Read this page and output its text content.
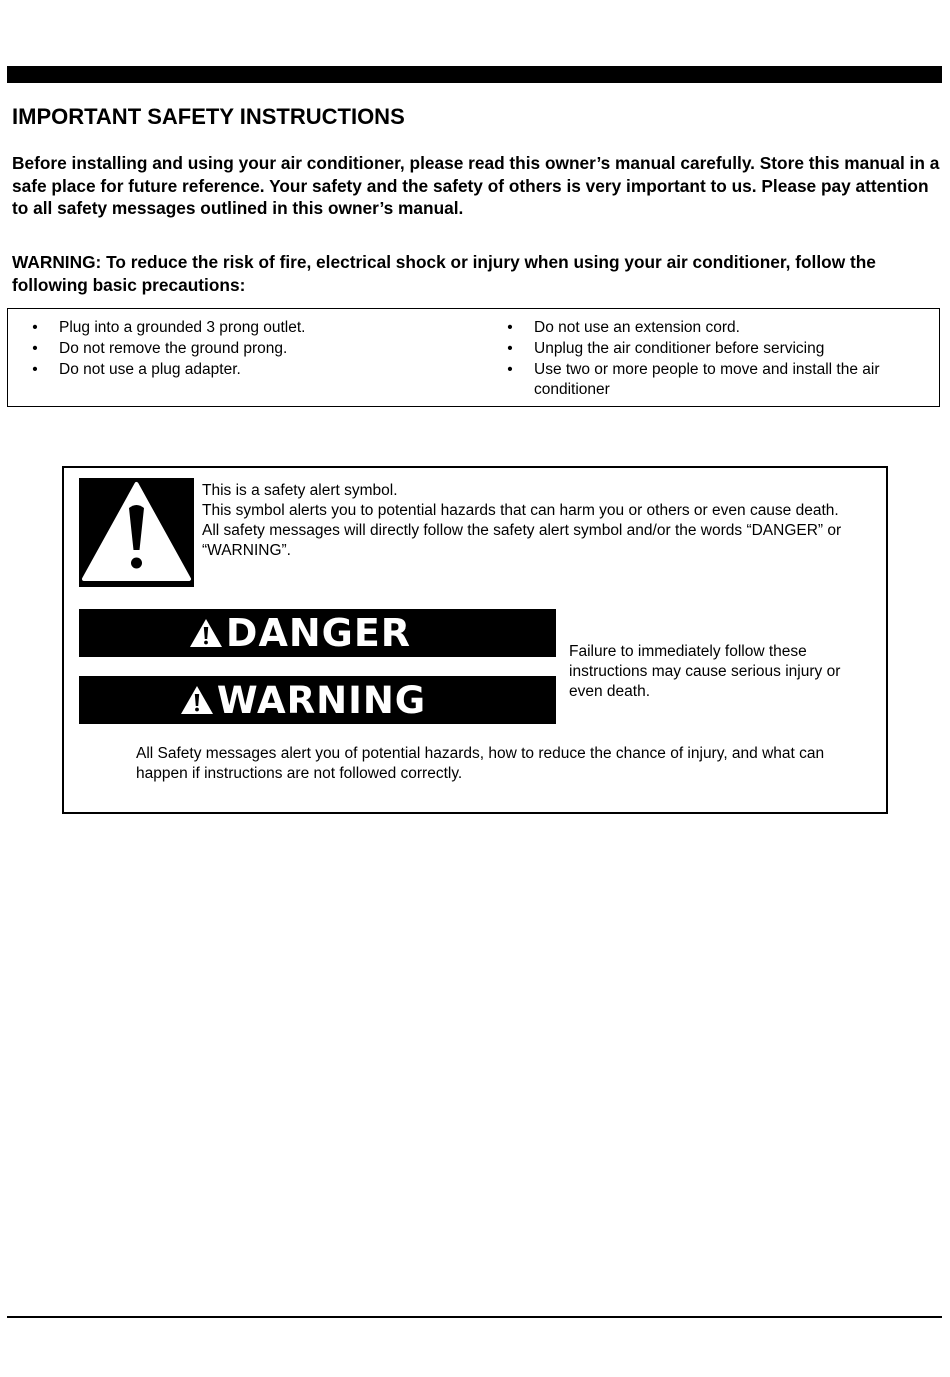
IMPORTANT SAFETY INSTRUCTIONS
Before installing and using your air conditioner, please read this owner’s manual carefully. Store this manual in a safe place for future reference. Your safety and the safety of others is very important to us. Please pay attention to all safety messages outlined in this owner’s manual.
WARNING: To reduce the risk of fire, electrical shock or injury when using your air conditioner, follow the following basic precautions:
• Plug into a grounded 3 prong outlet.
• Do not remove the ground prong.
• Do not use a plug adapter.
• Do not use an extension cord.
• Unplug the air conditioner before servicing
• Use two or more people to move and install the air conditioner
This is a safety alert symbol.
This symbol alerts you to potential hazards that can harm you or others or even cause death.
All safety messages will directly follow the safety alert symbol and/or the words “DANGER” or “WARNING”.
DANGER
WARNING
Failure to immediately follow these instructions may cause serious injury or even death.
All Safety messages alert you of potential hazards, how to reduce the chance of injury, and what can happen if instructions are not followed correctly.
